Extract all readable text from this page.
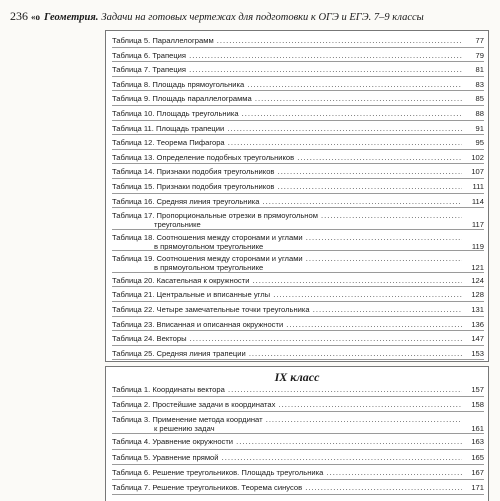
236 «о Геометрия. Задачи на готовых чертежах для подготовки к ОГЭ и ЕГЭ. 7–9 классы
Таблица 5. Параллелограмм .....	77
Таблица 6. Трапеция .....	79
Таблица 7. Трапеция .....	81
Таблица 8. Площадь прямоугольника .....	83
Таблица 9. Площадь параллелограмма .....	85
Таблица 10. Площадь треугольника .....	88
Таблица 11. Площадь трапеции .....	91
Таблица 12. Теорема Пифагора .....	95
Таблица 13. Определение подобных треугольников .....	102
Таблица 14. Признаки подобия треугольников .....	107
Таблица 15. Признаки подобия треугольников .....	111
Таблица 16. Средняя линия треугольника .....	114
Таблица 17. Пропорциональные отрезки в прямоугольном .....
треугольнике	117
Таблица 18. Соотношения между сторонами и углами .....
в прямоугольном треугольнике	119
Таблица 19. Соотношения между сторонами и углами .....
в прямоугольном треугольнике	121
Таблица 20. Касательная к окружности .....	124
Таблица 21. Центральные и вписанные углы .....	128
Таблица 22. Четыре замечательные точки треугольника .....	131
Таблица 23. Вписанная и описанная окружности .....	136
Таблица 24. Векторы .....	147
Таблица 25. Средняя линия трапеции .....	153
IX класс
Таблица 1. Координаты вектора .....	157
Таблица 2. Простейшие задачи в координатах .....	158
Таблица 3. Применение метода координат .....
к решению задач	161
Таблица 4. Уравнение окружности .....	163
Таблица 5. Уравнение прямой .....	165
Таблица 6. Решение треугольников. Площадь треугольника .....	167
Таблица 7. Решение треугольников. Теорема синусов .....	171
